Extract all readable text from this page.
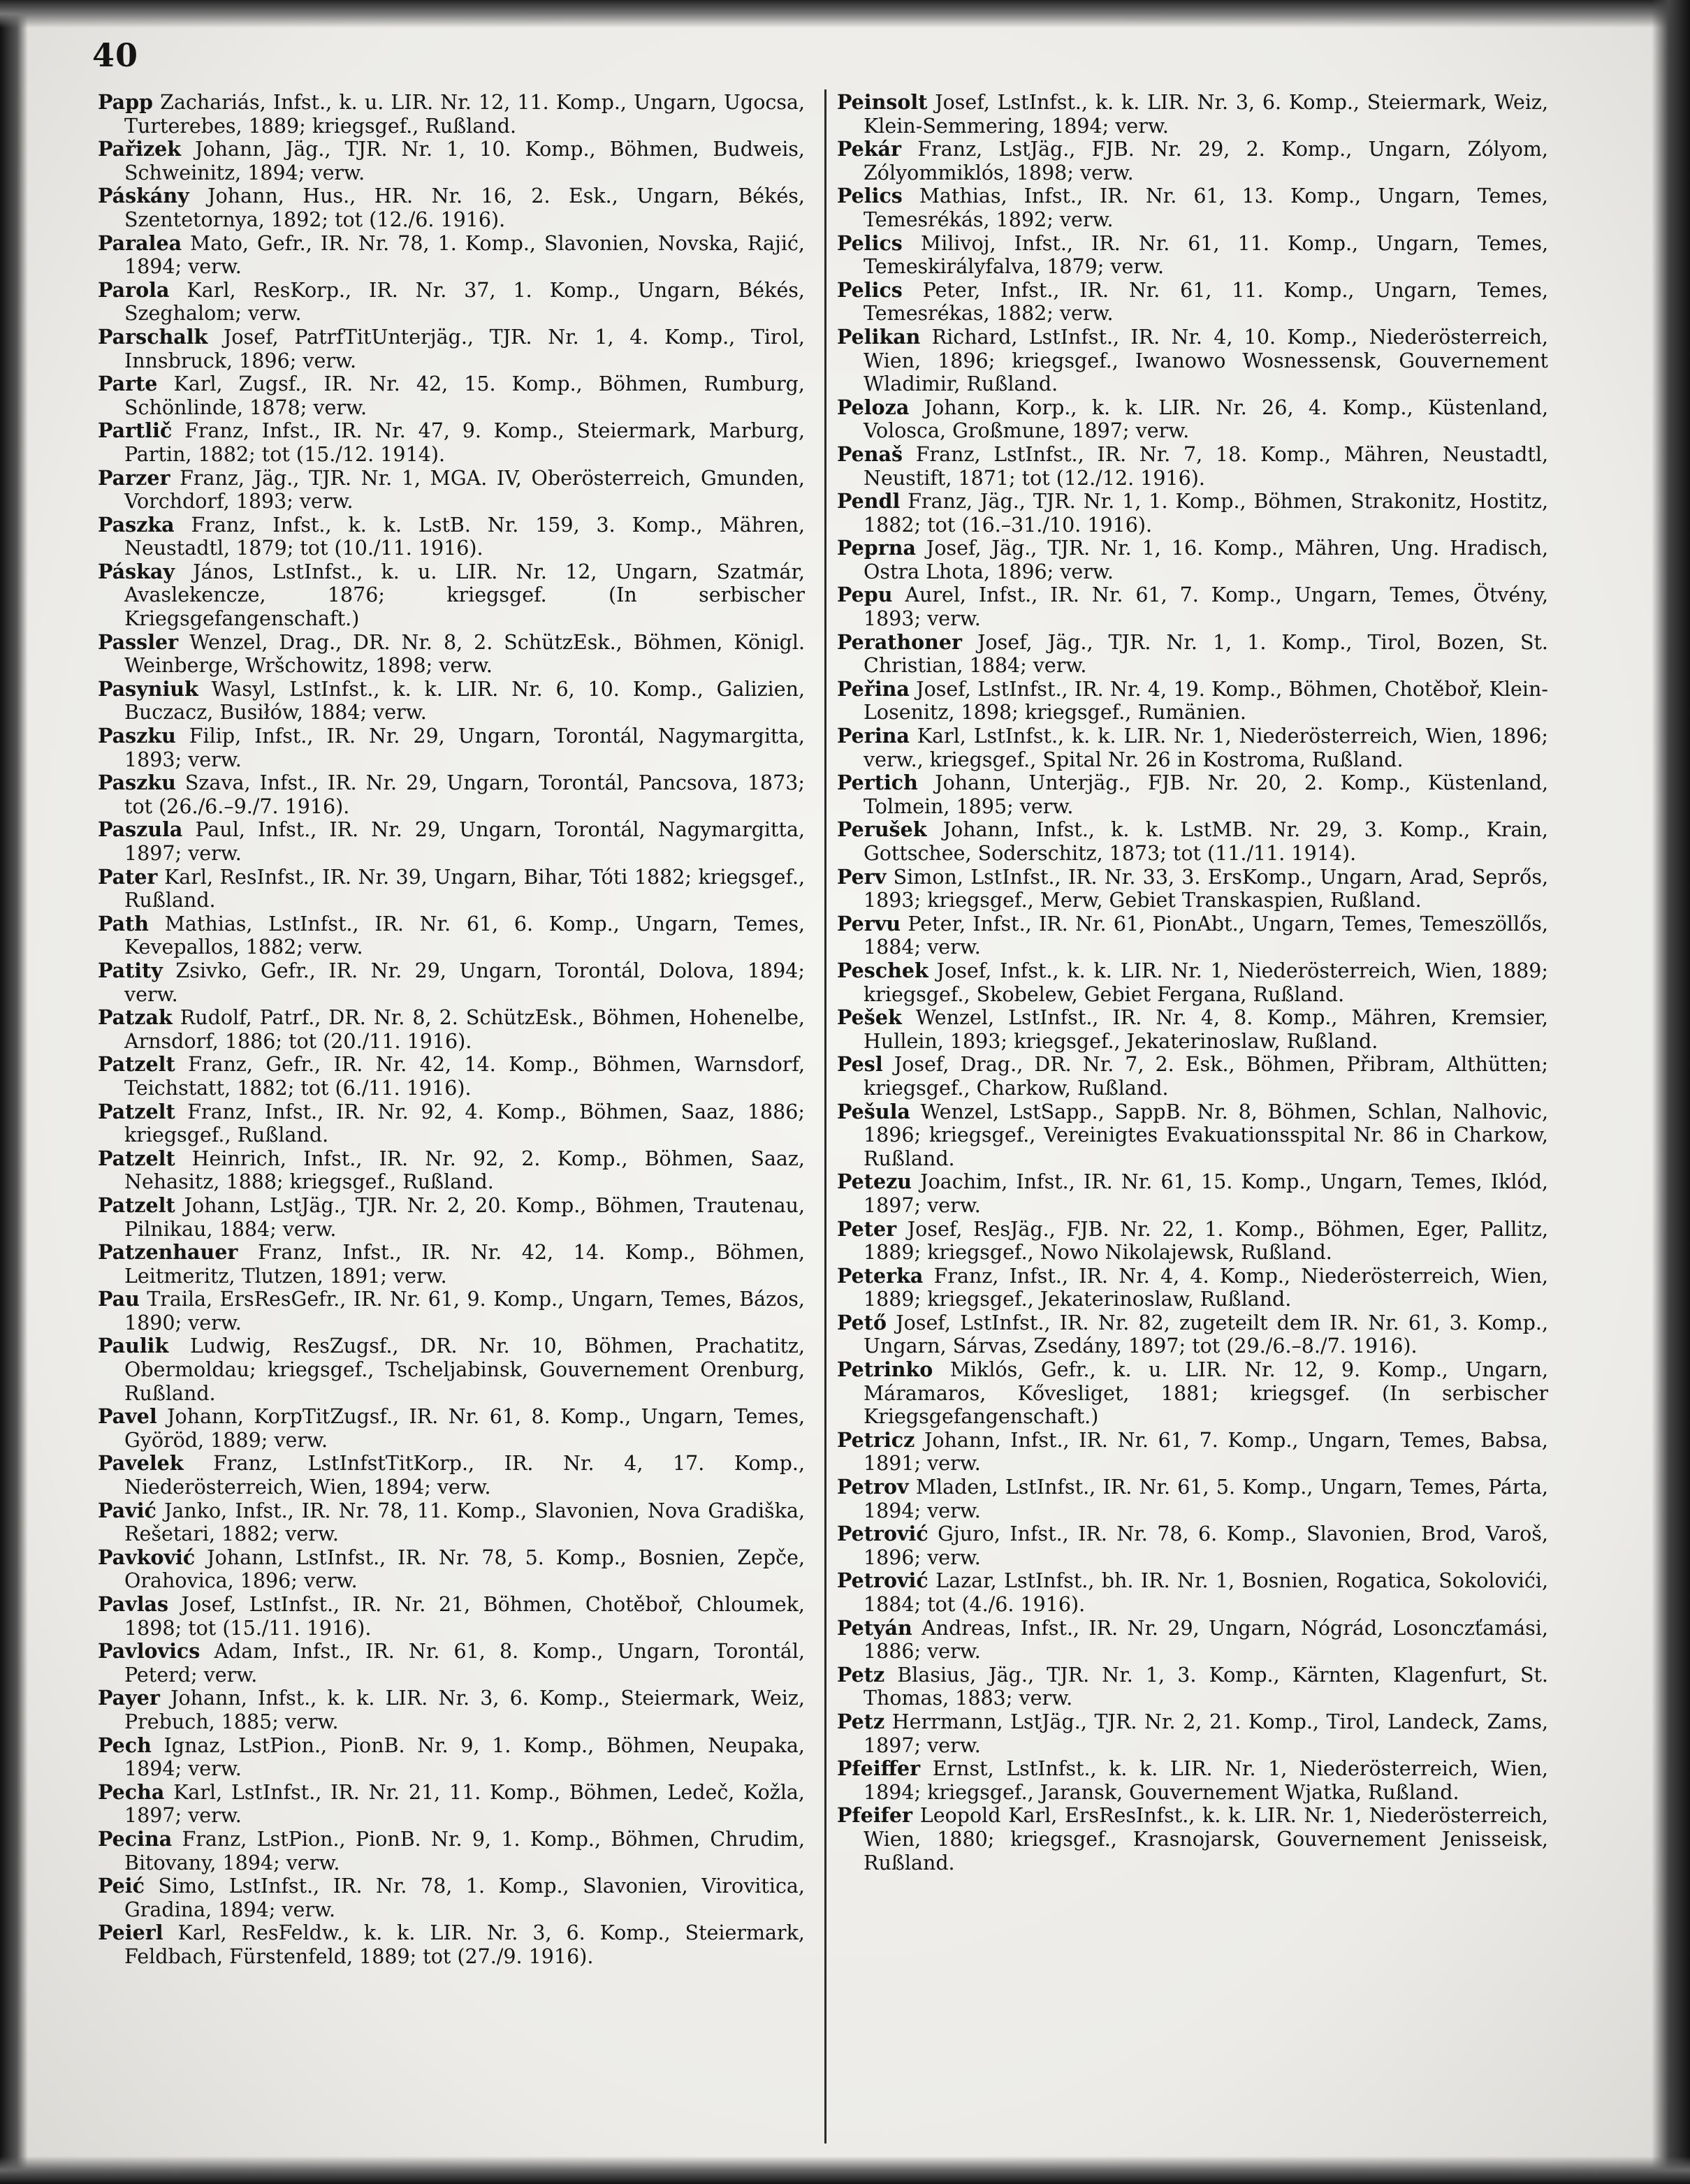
40
Papp Zachariás, Infst., k. u. LIR. Nr. 12, 11. Komp., Ungarn, Ugocsa, Turterebes, 1889; kriegsgef., Rußland.
Pařizek Johann, Jäg., TJR. Nr. 1, 10. Komp., Böhmen, Budweis, Schweinitz, 1894; verw.
Páskány Johann, Hus., HR. Nr. 16, 2. Esk., Ungarn, Békés, Szentetornya, 1892; tot (12./6. 1916).
Paralea Mato, Gefr., IR. Nr. 78, 1. Komp., Slavonien, Novska, Rajić, 1894; verw.
Parola Karl, ResKorp., IR. Nr. 37, 1. Komp., Ungarn, Békés, Szeghalom; verw.
Parschalk Josef, PatrfTitUnterjäg., TJR. Nr. 1, 4. Komp., Tirol, Innsbruck, 1896; verw.
Parte Karl, Zugsf., IR. Nr. 42, 15. Komp., Böhmen, Rumburg, Schönlinde, 1878; verw.
Partlič Franz, Infst., IR. Nr. 47, 9. Komp., Steiermark, Marburg, Partin, 1882; tot (15./12. 1914).
Parzer Franz, Jäg., TJR. Nr. 1, MGA. IV, Oberösterreich, Gmunden, Vorchdorf, 1893; verw.
Paszka Franz, Infst., k. k. LstB. Nr. 159, 3. Komp., Mähren, Neustadtl, 1879; tot (10./11. 1916).
Páskay János, LstInfst., k. u. LIR. Nr. 12, Ungarn, Szatmár, Avaslekencze, 1876; kriegsgef. (In serbischer Kriegsgefangenschaft.)
Passler Wenzel, Drag., DR. Nr. 8, 2. SchützEsk., Böhmen, Königl. Weinberge, Wršchowitz, 1898; verw.
Pasyniuk Wasyl, LstInfst., k. k. LIR. Nr. 6, 10. Komp., Galizien, Buczacz, Busiłów, 1884; verw.
Paszku Filip, Infst., IR. Nr. 29, Ungarn, Torontál, Nagymargitta, 1893; verw.
Paszku Szava, Infst., IR. Nr. 29, Ungarn, Torontál, Pancsova, 1873; tot (26./6.–9./7. 1916).
Paszula Paul, Infst., IR. Nr. 29, Ungarn, Torontál, Nagymargitta, 1897; verw.
Pater Karl, ResInfst., IR. Nr. 39, Ungarn, Bihar, Tóti 1882; kriegsgef., Rußland.
Path Mathias, LstInfst., IR. Nr. 61, 6. Komp., Ungarn, Temes, Kevepallos, 1882; verw.
Patity Zsivko, Gefr., IR. Nr. 29, Ungarn, Torontál, Dolova, 1894; verw.
Patzak Rudolf, Patrf., DR. Nr. 8, 2. SchützEsk., Böhmen, Hohenelbe, Arnsdorf, 1886; tot (20./11. 1916).
Patzelt Franz, Gefr., IR. Nr. 42, 14. Komp., Böhmen, Warnsdorf, Teichstatt, 1882; tot (6./11. 1916).
Patzelt Franz, Infst., IR. Nr. 92, 4. Komp., Böhmen, Saaz, 1886; kriegsgef., Rußland.
Patzelt Heinrich, Infst., IR. Nr. 92, 2. Komp., Böhmen, Saaz, Nehasitz, 1888; kriegsgef., Rußland.
Patzelt Johann, LstJäg., TJR. Nr. 2, 20. Komp., Böhmen, Trautenau, Pilnikau, 1884; verw.
Patzenhauer Franz, Infst., IR. Nr. 42, 14. Komp., Böhmen, Leitmeritz, Tlutzen, 1891; verw.
Pau Traila, ErsResGefr., IR. Nr. 61, 9. Komp., Ungarn, Temes, Bázos, 1890; verw.
Paulik Ludwig, ResZugsf., DR. Nr. 10, Böhmen, Prachatitz, Obermoldau; kriegsgef., Tscheljabinsk, Gouvernement Orenburg, Rußland.
Pavel Johann, KorpTitZugsf., IR. Nr. 61, 8. Komp., Ungarn, Temes, Györöd, 1889; verw.
Pavelek Franz, LstInfstTitKorp., IR. Nr. 4, 17. Komp., Niederösterreich, Wien, 1894; verw.
Pavić Janko, Infst., IR. Nr. 78, 11. Komp., Slavonien, Nova Gradiška, Rešetari, 1882; verw.
Pavković Johann, LstInfst., IR. Nr. 78, 5. Komp., Bosnien, Zepče, Orahovica, 1896; verw.
Pavlas Josef, LstInfst., IR. Nr. 21, Böhmen, Chotěboř, Chloumek, 1898; tot (15./11. 1916).
Pavlovics Adam, Infst., IR. Nr. 61, 8. Komp., Ungarn, Torontál, Peterd; verw.
Payer Johann, Infst., k. k. LIR. Nr. 3, 6. Komp., Steiermark, Weiz, Prebuch, 1885; verw.
Pech Ignaz, LstPion., PionB. Nr. 9, 1. Komp., Böhmen, Neupaka, 1894; verw.
Pecha Karl, LstInfst., IR. Nr. 21, 11. Komp., Böhmen, Ledeč, Kožla, 1897; verw.
Pecina Franz, LstPion., PionB. Nr. 9, 1. Komp., Böhmen, Chrudim, Bitovany, 1894; verw.
Peić Simo, LstInfst., IR. Nr. 78, 1. Komp., Slavonien, Virovitica, Gradina, 1894; verw.
Peierl Karl, ResFeldw., k. k. LIR. Nr. 3, 6. Komp., Steiermark, Feldbach, Fürstenfeld, 1889; tot (27./9. 1916).
Peinsolt Josef, LstInfst., k. k. LIR. Nr. 3, 6. Komp., Steiermark, Weiz, Klein-Semmering, 1894; verw.
Pekár Franz, LstJäg., FJB. Nr. 29, 2. Komp., Ungarn, Zólyom, Zólyommiklós, 1898; verw.
Pelics Mathias, Infst., IR. Nr. 61, 13. Komp., Ungarn, Temes, Temesrékás, 1892; verw.
Pelics Milivoj, Infst., IR. Nr. 61, 11. Komp., Ungarn, Temes, Temeskirályfalva, 1879; verw.
Pelics Peter, Infst., IR. Nr. 61, 11. Komp., Ungarn, Temes, Temesrékas, 1882; verw.
Pelikan Richard, LstInfst., IR. Nr. 4, 10. Komp., Niederösterreich, Wien, 1896; kriegsgef., Iwanowo Wosnessensk, Gouvernement Wladimir, Rußland.
Peloza Johann, Korp., k. k. LIR. Nr. 26, 4. Komp., Küstenland, Volosca, Großmune, 1897; verw.
Penaš Franz, LstInfst., IR. Nr. 7, 18. Komp., Mähren, Neustadtl, Neustift, 1871; tot (12./12. 1916).
Pendl Franz, Jäg., TJR. Nr. 1, 1. Komp., Böhmen, Strakonitz, Hostitz, 1882; tot (16.–31./10. 1916).
Peprna Josef, Jäg., TJR. Nr. 1, 16. Komp., Mähren, Ung. Hradisch, Ostra Lhota, 1896; verw.
Pepu Aurel, Infst., IR. Nr. 61, 7. Komp., Ungarn, Temes, Ötvény, 1893; verw.
Perathoner Josef, Jäg., TJR. Nr. 1, 1. Komp., Tirol, Bozen, St. Christian, 1884; verw.
Peřina Josef, LstInfst., IR. Nr. 4, 19. Komp., Böhmen, Chotěboř, Klein-Losenitz, 1898; kriegsgef., Rumänien.
Perina Karl, LstInfst., k. k. LIR. Nr. 1, Niederösterreich, Wien, 1896; verw., kriegsgef., Spital Nr. 26 in Kostroma, Rußland.
Pertich Johann, Unterjäg., FJB. Nr. 20, 2. Komp., Küstenland, Tolmein, 1895; verw.
Perušek Johann, Infst., k. k. LstMB. Nr. 29, 3. Komp., Krain, Gottschee, Soderschitz, 1873; tot (11./11. 1914).
Perv Simon, LstInfst., IR. Nr. 33, 3. ErsKomp., Ungarn, Arad, Seprős, 1893; kriegsgef., Merw, Gebiet Transkaspien, Rußland.
Pervu Peter, Infst., IR. Nr. 61, PionAbt., Ungarn, Temes, Temeszöllős, 1884; verw.
Peschek Josef, Infst., k. k. LIR. Nr. 1, Niederösterreich, Wien, 1889; kriegsgef., Skobelew, Gebiet Fergana, Rußland.
Pešek Wenzel, LstInfst., IR. Nr. 4, 8. Komp., Mähren, Kremsier, Hullein, 1893; kriegsgef., Jekaterinoslaw, Rußland.
Pesl Josef, Drag., DR. Nr. 7, 2. Esk., Böhmen, Přibram, Althütten; kriegsgef., Charkow, Rußland.
Pešula Wenzel, LstSapp., SappB. Nr. 8, Böhmen, Schlan, Nalhovic, 1896; kriegsgef., Vereinigtes Evakuationsspital Nr. 86 in Charkow, Rußland.
Petezu Joachim, Infst., IR. Nr. 61, 15. Komp., Ungarn, Temes, Iklód, 1897; verw.
Peter Josef, ResJäg., FJB. Nr. 22, 1. Komp., Böhmen, Eger, Pallitz, 1889; kriegsgef., Nowo Nikolajewsk, Rußland.
Peterka Franz, Infst., IR. Nr. 4, 4. Komp., Niederösterreich, Wien, 1889; kriegsgef., Jekaterinoslaw, Rußland.
Pető Josef, LstInfst., IR. Nr. 82, zugeteilt dem IR. Nr. 61, 3. Komp., Ungarn, Sárvas, Zsedány, 1897; tot (29./6.–8./7. 1916).
Petrinko Miklós, Gefr., k. u. LIR. Nr. 12, 9. Komp., Ungarn, Máramaros, Kővesliget, 1881; kriegsgef. (In serbischer Kriegsgefangenschaft.)
Petricz Johann, Infst., IR. Nr. 61, 7. Komp., Ungarn, Temes, Babsa, 1891; verw.
Petrov Mladen, LstInfst., IR. Nr. 61, 5. Komp., Ungarn, Temes, Párta, 1894; verw.
Petrović Gjuro, Infst., IR. Nr. 78, 6. Komp., Slavonien, Brod, Varoš, 1896; verw.
Petrović Lazar, LstInfst., bh. IR. Nr. 1, Bosnien, Rogatica, Sokolovići, 1884; tot (4./6. 1916).
Petyán Andreas, Infst., IR. Nr. 29, Ungarn, Nógrád, Losonczťamási, 1886; verw.
Petz Blasius, Jäg., TJR. Nr. 1, 3. Komp., Kärnten, Klagenfurt, St. Thomas, 1883; verw.
Petz Herrmann, LstJäg., TJR. Nr. 2, 21. Komp., Tirol, Landeck, Zams, 1897; verw.
Pfeiffer Ernst, LstInfst., k. k. LIR. Nr. 1, Niederösterreich, Wien, 1894; kriegsgef., Jaransk, Gouvernement Wjatka, Rußland.
Pfeifer Leopold Karl, ErsResInfst., k. k. LIR. Nr. 1, Niederösterreich, Wien, 1880; kriegsgef., Krasnojarsk, Gouvernement Jenisseisk, Rußland.
